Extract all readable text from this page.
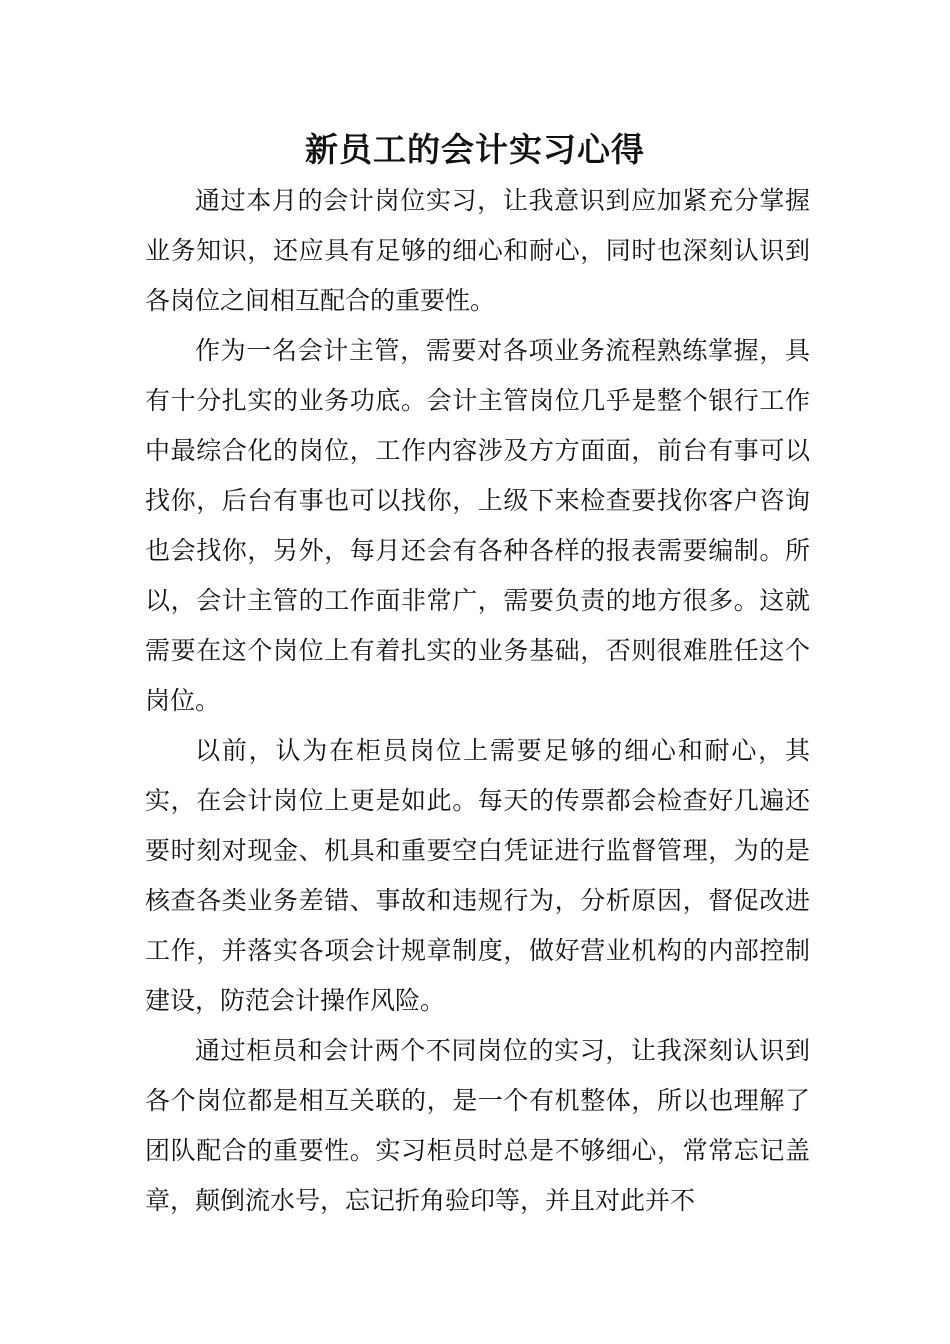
新员工的会计实习心得

通过本月的会计岗位实习，让我意识到应加紧充分掌握业务知识，还应具有足够的细心和耐心，同时也深刻认识到各岗位之间相互配合的重要性。

作为一名会计主管，需要对各项业务流程熟练掌握，具有十分扎实的业务功底。会计主管岗位几乎是整个银行工作中最综合化的岗位，工作内容涉及方方面面，前台有事可以找你，后台有事也可以找你，上级下来检查要找你客户咨询也会找你，另外，每月还会有各种各样的报表需要编制。所以，会计主管的工作面非常广，需要负责的地方很多。这就需要在这个岗位上有着扎实的业务基础，否则很难胜任这个岗位。

以前，认为在柜员岗位上需要足够的细心和耐心，其实，在会计岗位上更是如此。每天的传票都会检查好几遍还要时刻对现金、机具和重要空白凭证进行监督管理，为的是核查各类业务差错、事故和违规行为，分析原因，督促改进工作，并落实各项会计规章制度，做好营业机构的内部控制建设，防范会计操作风险。

通过柜员和会计两个不同岗位的实习，让我深刻认识到各个岗位都是相互关联的，是一个有机整体，所以也理解了团队配合的重要性。实习柜员时总是不够细心，常常忘记盖章，颠倒流水号，忘记折角验印等，并且对此并不
